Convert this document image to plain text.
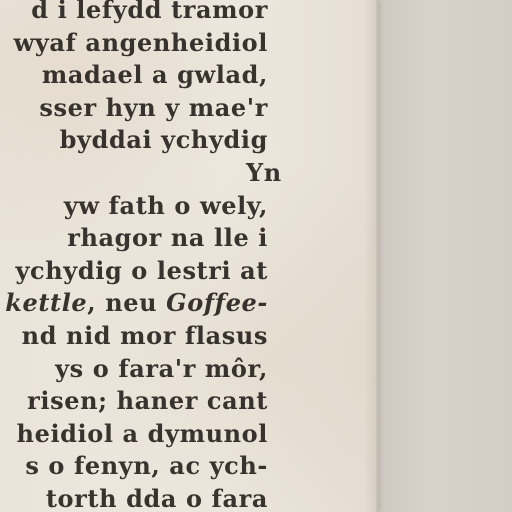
d i lefydd tramor
wyaf angenheidiol
madael a gwlad,
sser hyn y mae'r
byddai ychydig
Yn
yw fath o wely,
rhagor na lle i
ychydig o lestri at
kettle, neu Goffee-
nd nid mor flasus
ys o fara'r môr,
risen; haner cant
heidiol a dymunol
s o fenyn, ac ych-
torth dda o fara
